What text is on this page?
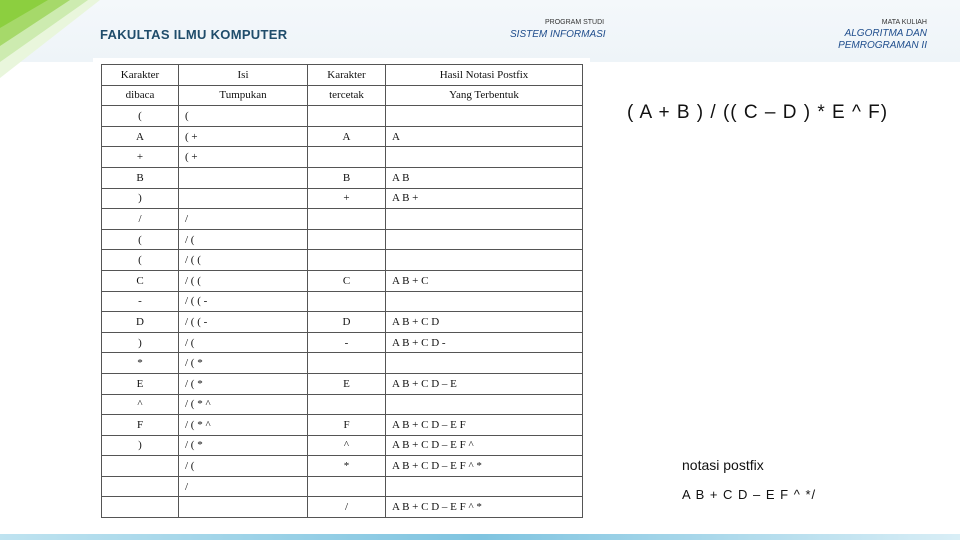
FAKULTAS ILMU KOMPUTER
PROGRAM STUDI
SISTEM INFORMASI
MATA KULIAH
ALGORITMA DAN PEMROGRAMAN II
Karakter	Isi	Karakter	Hasil Notasi Postfix
dibaca	Tumpukan	tercetak	Yang Terbentuk
(	(		
A	( +	A	A
+	( +		
B		B	A B
)		+	A B +
/	/		
(	/ (		
(	/ ( (		
C	/ ( (	C	A B + C
-	/ ( ( -		
D	/ ( ( -	D	A B + C D
)	/ (	-	A B + C D -
*	/ ( *		
E	/ ( *	E	A B + C D – E
^	/ ( * ^		
F	/ ( * ^	F	A B + C D – E F
)	/ ( *	^	A B + C D – E F ^
	/ (	*	A B + C D – E F ^ *
	/		
		/	A B + C D – E F ^ *
( A + B ) / (( C – D ) * E ^ F)
notasi postfix
A B + C D – E F ^ */
